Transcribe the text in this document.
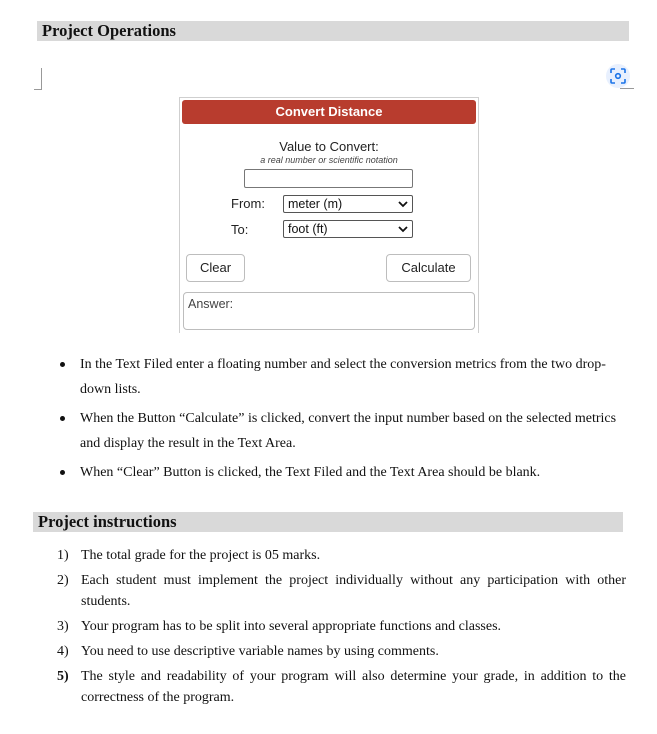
Project Operations
Convert Distance
Value to Convert:
a real number or scientific notation
From:	meter (m)
To:	foot (ft)
Clear	Calculate
Answer:
In the Text Filed enter a floating number and select the conversion metrics from the two drop-down lists.
When the Button “Calculate” is clicked, convert the input number based on the selected metrics and display the result in the Text Area.
When “Clear” Button is clicked, the Text Filed and the Text Area should be blank.
Project instructions
1) The total grade for the project is 05 marks.
2) Each student must implement the project individually without any participation with other students.
3) Your program has to be split into several appropriate functions and classes.
4) You need to use descriptive variable names by using comments.
5) The style and readability of your program will also determine your grade, in addition to the correctness of the program.
